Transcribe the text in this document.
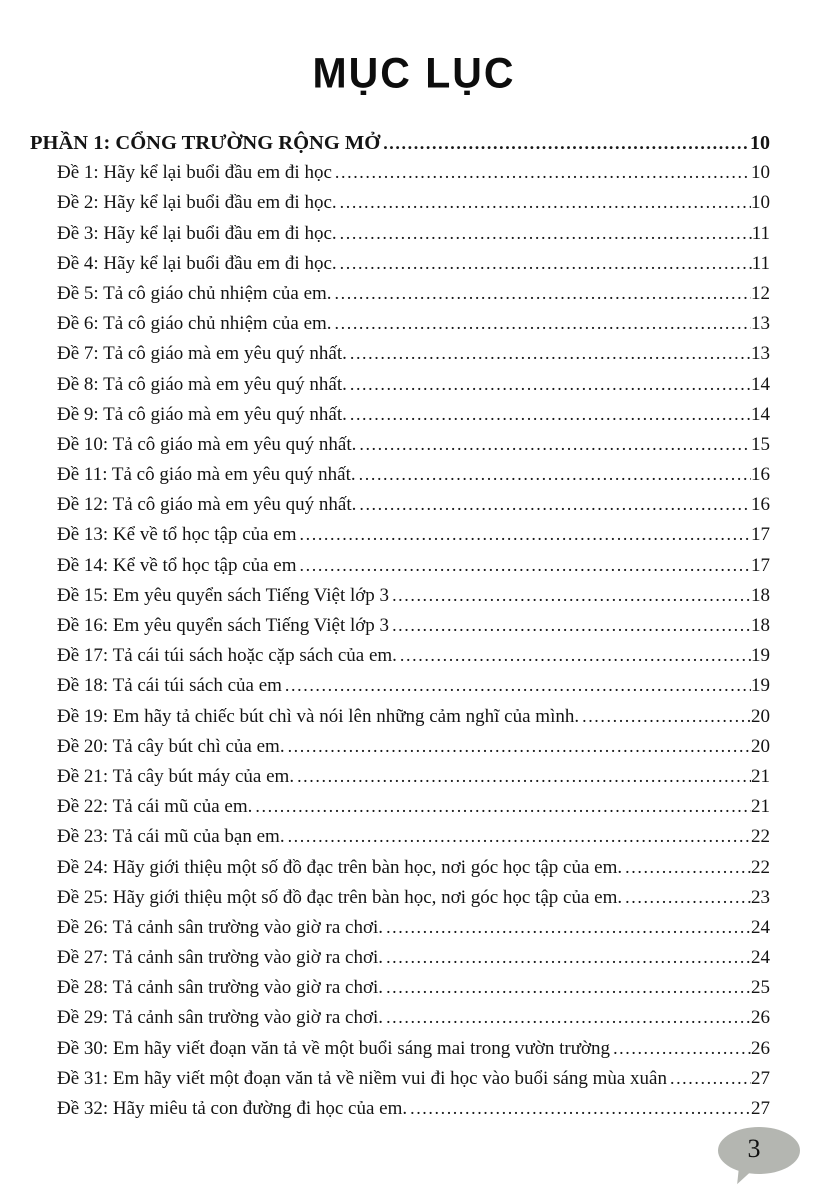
MỤC LỤC
PHẦN 1: CỔNG TRƯỜNG RỘNG MỞ .....	10
Đề 1: Hãy kể lại buổi đầu em đi học .....	10
Đề 2: Hãy kể lại buổi đầu em đi học. .....	10
Đề 3: Hãy kể lại buổi đầu em đi học. .....	11
Đề 4: Hãy kể lại buổi đầu em đi học. .....	11
Đề 5: Tả cô giáo chủ nhiệm của em. .....	12
Đề 6: Tả cô giáo chủ nhiệm của em. .....	13
Đề 7: Tả cô giáo mà em yêu quý nhất. .....	13
Đề 8: Tả cô giáo mà em yêu quý nhất. .....	14
Đề 9: Tả cô giáo mà em yêu quý nhất. .....	14
Đề 10: Tả cô giáo mà em yêu quý nhất. .....	15
Đề 11: Tả cô giáo mà em yêu quý nhất. .....	16
Đề 12: Tả cô giáo mà em yêu quý nhất. .....	16
Đề 13: Kể về tổ học tập của em .....	17
Đề 14: Kể về tổ học tập của em .....	17
Đề 15: Em yêu quyển sách Tiếng Việt lớp 3 .....	18
Đề 16: Em yêu quyển sách Tiếng Việt lớp 3 .....	18
Đề 17: Tả cái túi sách hoặc cặp sách của em. .....	19
Đề 18: Tả cái túi sách của em .....	19
Đề 19: Em hãy tả chiếc bút chì và nói lên những cảm nghĩ của mình. .....	20
Đề 20: Tả cây bút chì của em. .....	20
Đề 21: Tả cây bút máy của em. .....	21
Đề 22: Tả cái mũ của em. .....	21
Đề 23: Tả cái mũ của bạn em. .....	22
Đề 24: Hãy giới thiệu một số đồ đạc trên bàn học, nơi góc học tập của em. .....	22
Đề 25: Hãy giới thiệu một số đồ đạc trên bàn học, nơi góc học tập của em. .....	23
Đề 26: Tả cảnh sân trường vào giờ ra chơi. .....	24
Đề 27: Tả cảnh sân trường vào giờ ra chơi. .....	24
Đề 28: Tả cảnh sân trường vào giờ ra chơi. .....	25
Đề 29: Tả cảnh sân trường vào giờ ra chơi. .....	26
Đề 30: Em hãy viết đoạn văn tả về một buổi sáng mai trong vườn trường .....	26
Đề 31: Em hãy viết một đoạn văn tả về niềm vui đi học vào buổi sáng mùa xuân .....	27
Đề 32: Hãy miêu tả con đường đi học của em. .....	27
3
